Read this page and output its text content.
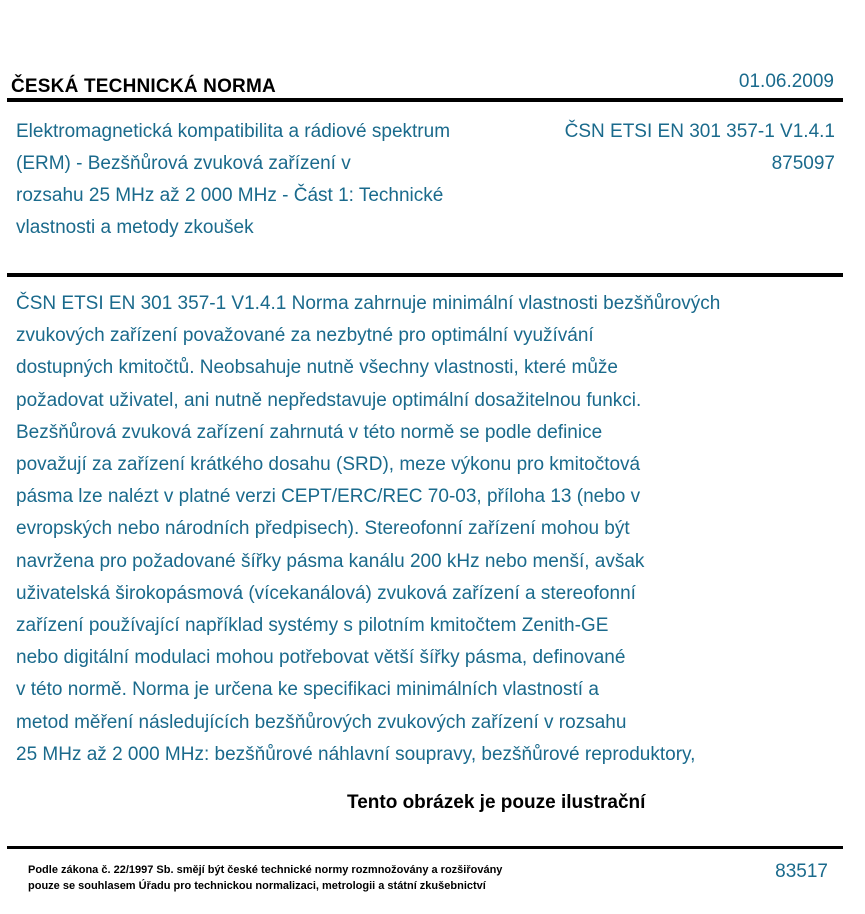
ČESKÁ TECHNICKÁ NORMA	01.06.2009
Elektromagnetická kompatibilita a rádiové spektrum
(ERM) - Bezšňůrová zvuková zařízení v
rozsahu 25 MHz až 2 000 MHz - Část 1: Technické
vlastnosti a metody zkoušek
ČSN ETSI EN 301 357-1 V1.4.1
875097
ČSN ETSI EN 301 357-1 V1.4.1 Norma zahrnuje minimální vlastnosti bezšňůrových
zvukových zařízení považované za nezbytné pro optimální využívání
dostupných kmitočtů. Neobsahuje nutně všechny vlastnosti, které může
požadovat uživatel, ani nutně nepředstavuje optimální dosažitelnou funkci.
Bezšňůrová zvuková zařízení zahrnutá v této normě se podle definice
považují za zařízení krátkého dosahu (SRD), meze výkonu pro kmitočtová
pásma lze nalézt v platné verzi CEPT/ERC/REC 70-03, příloha 13 (nebo v
evropských nebo národních předpisech). Stereofonní zařízení mohou být
navržena pro požadované šířky pásma kanálu 200 kHz nebo menší, avšak
uživatelská širokopásmová (vícekanálová) zvuková zařízení a stereofonní
zařízení používající například systémy s pilotním kmitočtem Zenith-GE
nebo digitální modulaci mohou potřebovat větší šířky pásma, definované
v této normě. Norma je určena ke specifikaci minimálních vlastností a
metod měření následujících bezšňůrových zvukových zařízení v rozsahu
25 MHz až 2 000 MHz: bezšňůrové náhlavní soupravy, bezšňůrové reproduktory,
Tento obrázek je pouze ilustrační
Podle zákona č. 22/1997 Sb. smějí být české technické normy rozmnožovány a rozšiřovány
pouze se souhlasem Úřadu pro technickou normalizaci, metrologii a státní zkušebnictví
83517
